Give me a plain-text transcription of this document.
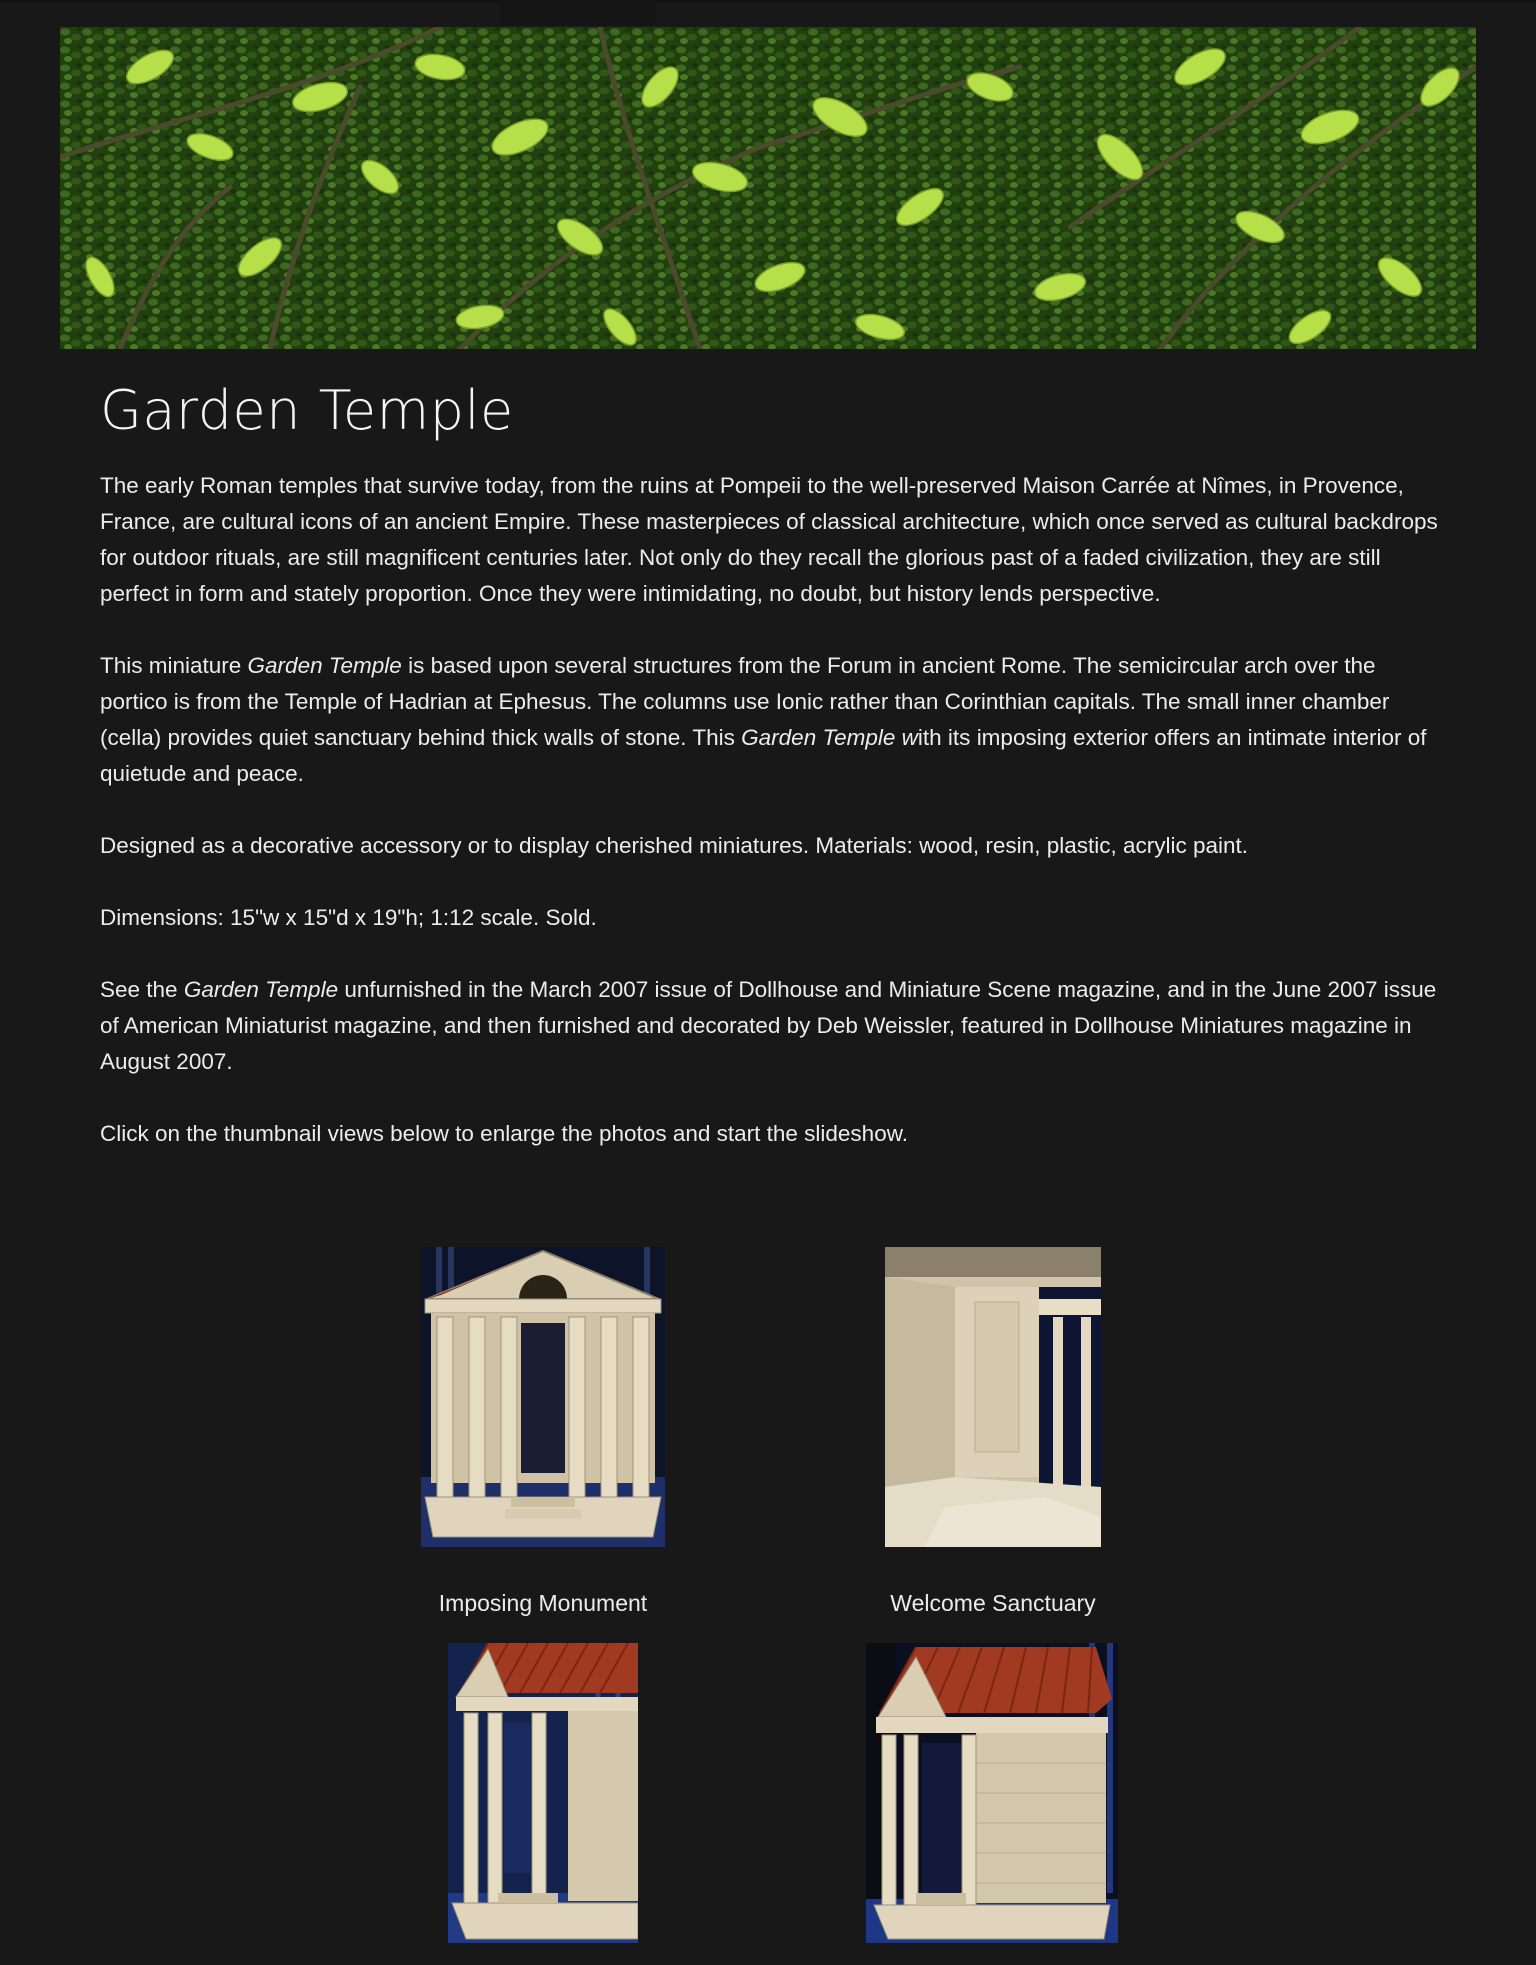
Garden Temple

The early Roman temples that survive today, from the ruins at Pompeii to the well-preserved Maison Carrée at Nîmes, in Provence, France, are cultural icons of an ancient Empire. These masterpieces of classical architecture, which once served as cultural backdrops for outdoor rituals, are still magnificent centuries later. Not only do they recall the glorious past of a faded civilization, they are still perfect in form and stately proportion. Once they were intimidating, no doubt, but history lends perspective.

This miniature Garden Temple is based upon several structures from the Forum in ancient Rome. The semicircular arch over the portico is from the Temple of Hadrian at Ephesus. The columns use Ionic rather than Corinthian capitals. The small inner chamber (cella) provides quiet sanctuary behind thick walls of stone. This Garden Temple with its imposing exterior offers an intimate interior of quietude and peace.

Designed as a decorative accessory or to display cherished miniatures. Materials: wood, resin, plastic, acrylic paint.

Dimensions: 15"w x 15"d x 19"h; 1:12 scale. Sold.

See the Garden Temple unfurnished in the March 2007 issue of Dollhouse and Miniature Scene magazine, and in the June 2007 issue of American Miniaturist magazine, and then furnished and decorated by Deb Weissler, featured in Dollhouse Miniatures magazine in August 2007.

Click on the thumbnail views below to enlarge the photos and start the slideshow.

Imposing Monument	Welcome Sanctuary
